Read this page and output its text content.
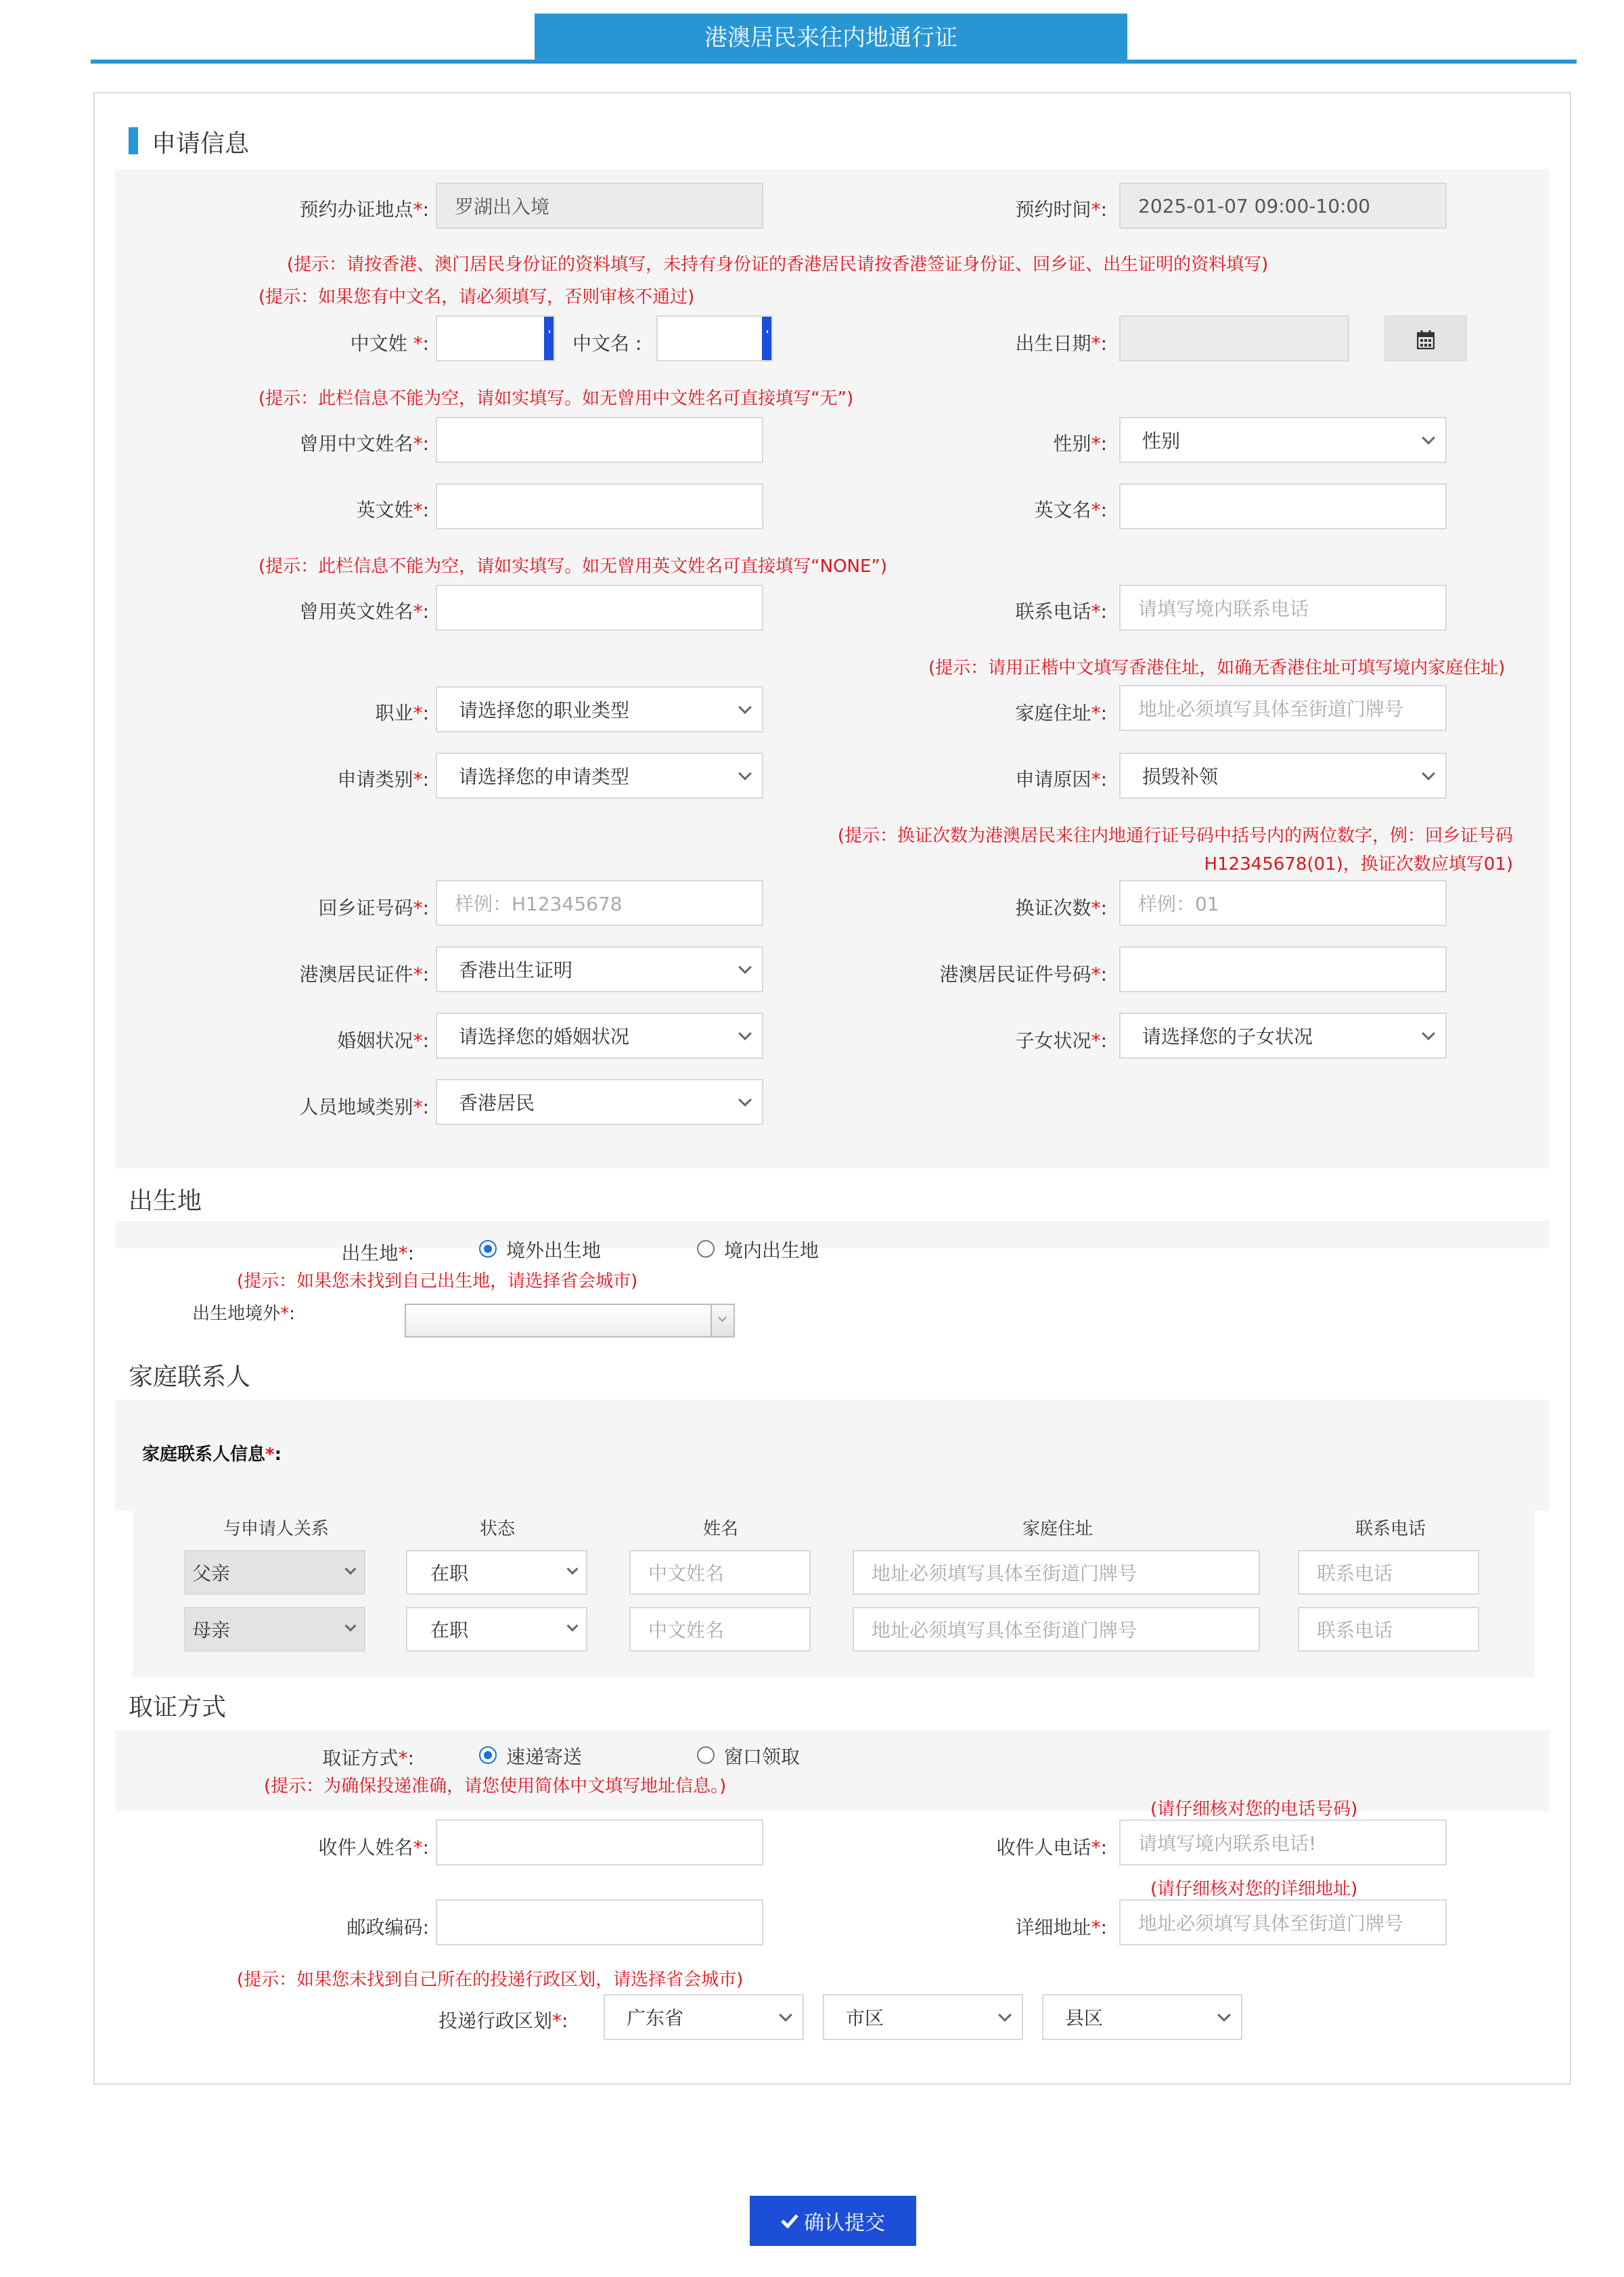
港澳居民来往内地通行证
申请信息
预约办证地点*:	罗湖出入境	预约时间*:	2025-01-07 09:00-10:00
(提示：请按香港、澳门居民身份证的资料填写，未持有身份证的香港居民请按香港签证身份证、回乡证、出生证明的资料填写)
(提示：如果您有中文名，请必须填写，否则审核不通过)
中文姓 *:	中文名 :	出生日期*:
(提示：此栏信息不能为空，请如实填写。如无曾用中文姓名可直接填写“无”)
曾用中文姓名*:	性别*: 性别
英文姓*:	英文名*:
(提示：此栏信息不能为空，请如实填写。如无曾用英文姓名可直接填写“NONE”)
曾用英文姓名*:	联系电话*:	请填写境内联系电话
(提示：请用正楷中文填写香港住址，如确无香港住址可填写境内家庭住址)
职业*: 请选择您的职业类型	家庭住址*:	地址必须填写具体至街道门牌号
申请类别*: 请选择您的申请类型	申请原因*: 损毁补领
(提示：换证次数为港澳居民来往内地通行证号码中括号内的两位数字，例：回乡证号码
H12345678(01)，换证次数应填写01)
回乡证号码*:	样例：H12345678	换证次数*:	样例：01
港澳居民证件*: 香港出生证明	港澳居民证件号码*:
婚姻状况*: 请选择您的婚姻状况	子女状况*: 请选择您的子女状况
人员地域类别*: 香港居民
出生地
出生地*:	境外出生地	境内出生地
(提示：如果您未找到自己出生地，请选择省会城市)
出生地境外*:
家庭联系人
家庭联系人信息*:
与申请人关系	状态	姓名	家庭住址	联系电话
父亲	在职	中文姓名	地址必须填写具体至街道门牌号	联系电话
母亲	在职	中文姓名	地址必须填写具体至街道门牌号	联系电话
取证方式
取证方式*:	速递寄送	窗口领取
(提示：为确保投递准确，请您使用简体中文填写地址信息。)
(请仔细核对您的电话号码)
收件人姓名*:	收件人电话*:	请填写境内联系电话!
(请仔细核对您的详细地址)
邮政编码:	详细地址*:	地址必须填写具体至街道门牌号
(提示：如果您未找到自己所在的投递行政区划，请选择省会城市)
投递行政区划*:	广东省	市区	县区
确认提交
